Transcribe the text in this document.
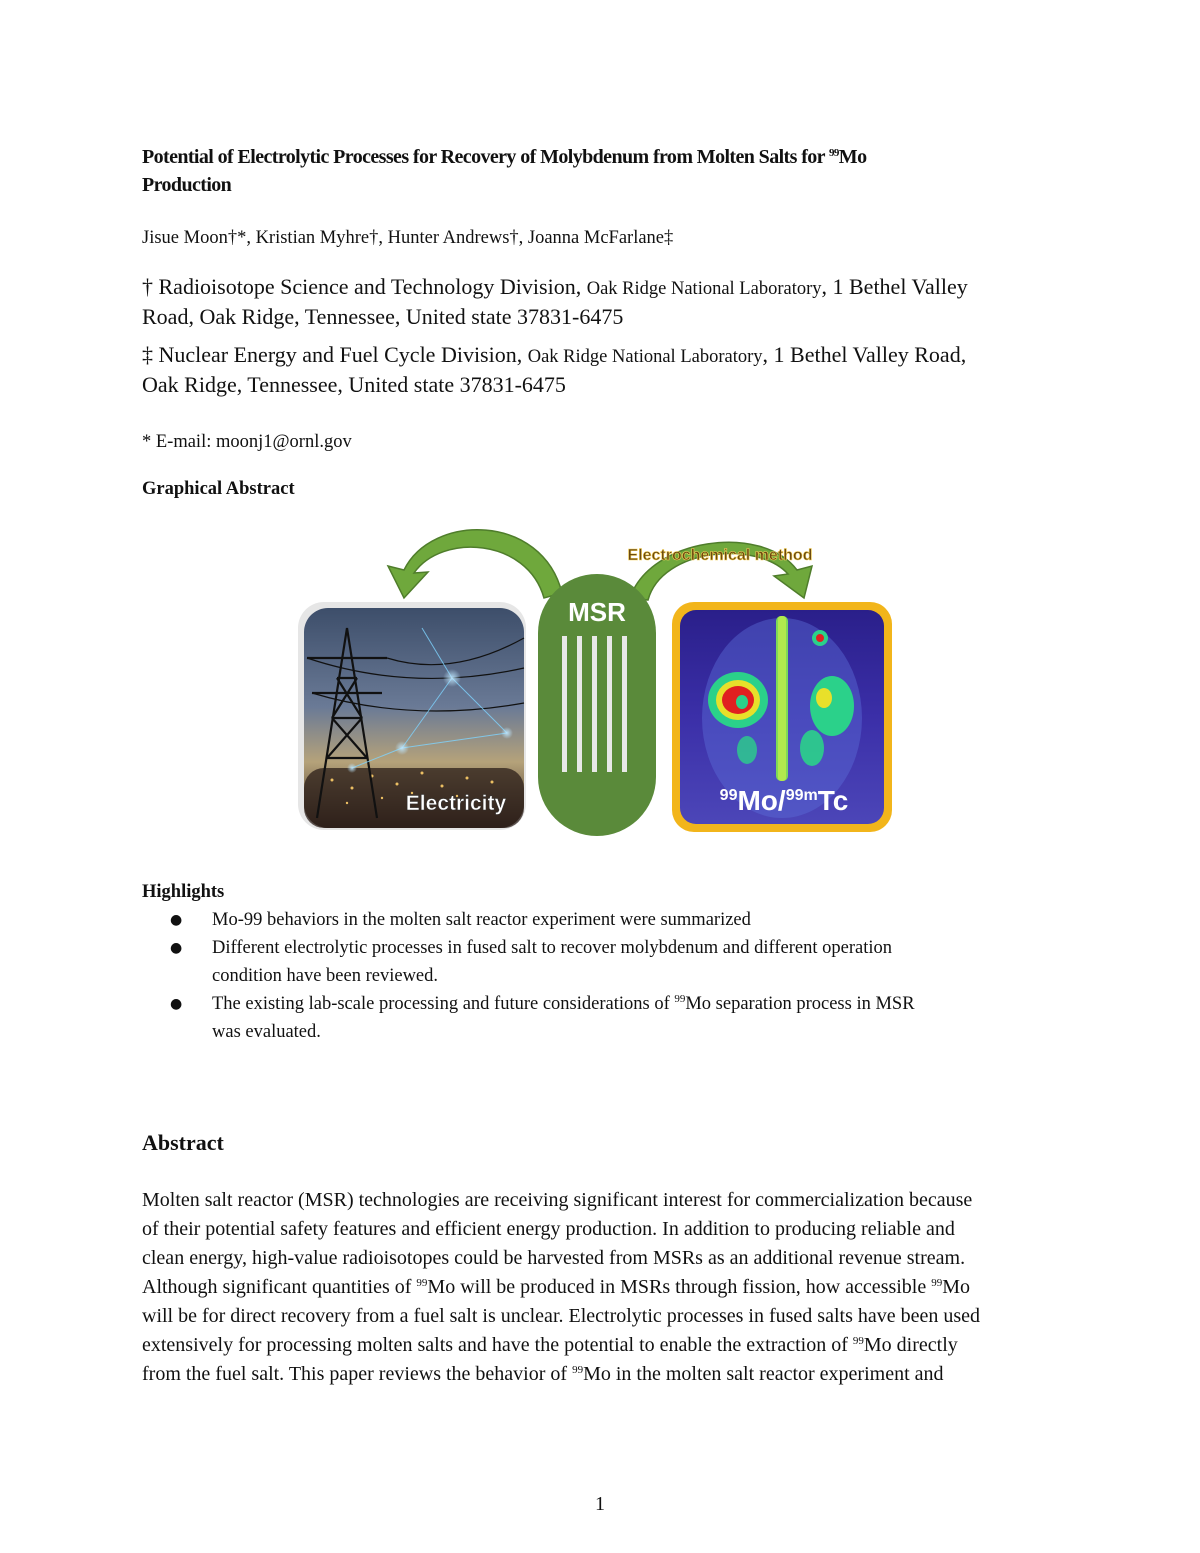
Potential of Electrolytic Processes for Recovery of Molybdenum from Molten Salts for $^{99}$Mo
Production
Jisue Moon†*, Kristian Myhre†, Hunter Andrews†, Joanna McFarlane‡
† Radioisotope Science and Technology Division, Oak Ridge National Laboratory, 1 Bethel Valley
Road, Oak Ridge, Tennessee, United state 37831-6475
‡ Nuclear Energy and Fuel Cycle Division, Oak Ridge National Laboratory, 1 Bethel Valley Road,
Oak Ridge, Tennessee, United state 37831-6475
* E-mail: moonj1@ornl.gov
Graphical Abstract
Electrochemical method
Electricity
MSR
99Mo/99mTc
Highlights
● Mo-99 behaviors in the molten salt reactor experiment were summarized
● Different electrolytic processes in fused salt to recover molybdenum and different operation
condition have been reviewed.
● The existing lab-scale processing and future considerations of $^{99}$Mo separation process in MSR
was evaluated.
Abstract
Molten salt reactor (MSR) technologies are receiving significant interest for commercialization because
of their potential safety features and efficient energy production. In addition to producing reliable and
clean energy, high-value radioisotopes could be harvested from MSRs as an additional revenue stream.
Although significant quantities of $^{99}$Mo will be produced in MSRs through fission, how accessible $^{99}$Mo
will be for direct recovery from a fuel salt is unclear. Electrolytic processes in fused salts have been used
extensively for processing molten salts and have the potential to enable the extraction of $^{99}$Mo directly
from the fuel salt. This paper reviews the behavior of $^{99}$Mo in the molten salt reactor experiment and
1
